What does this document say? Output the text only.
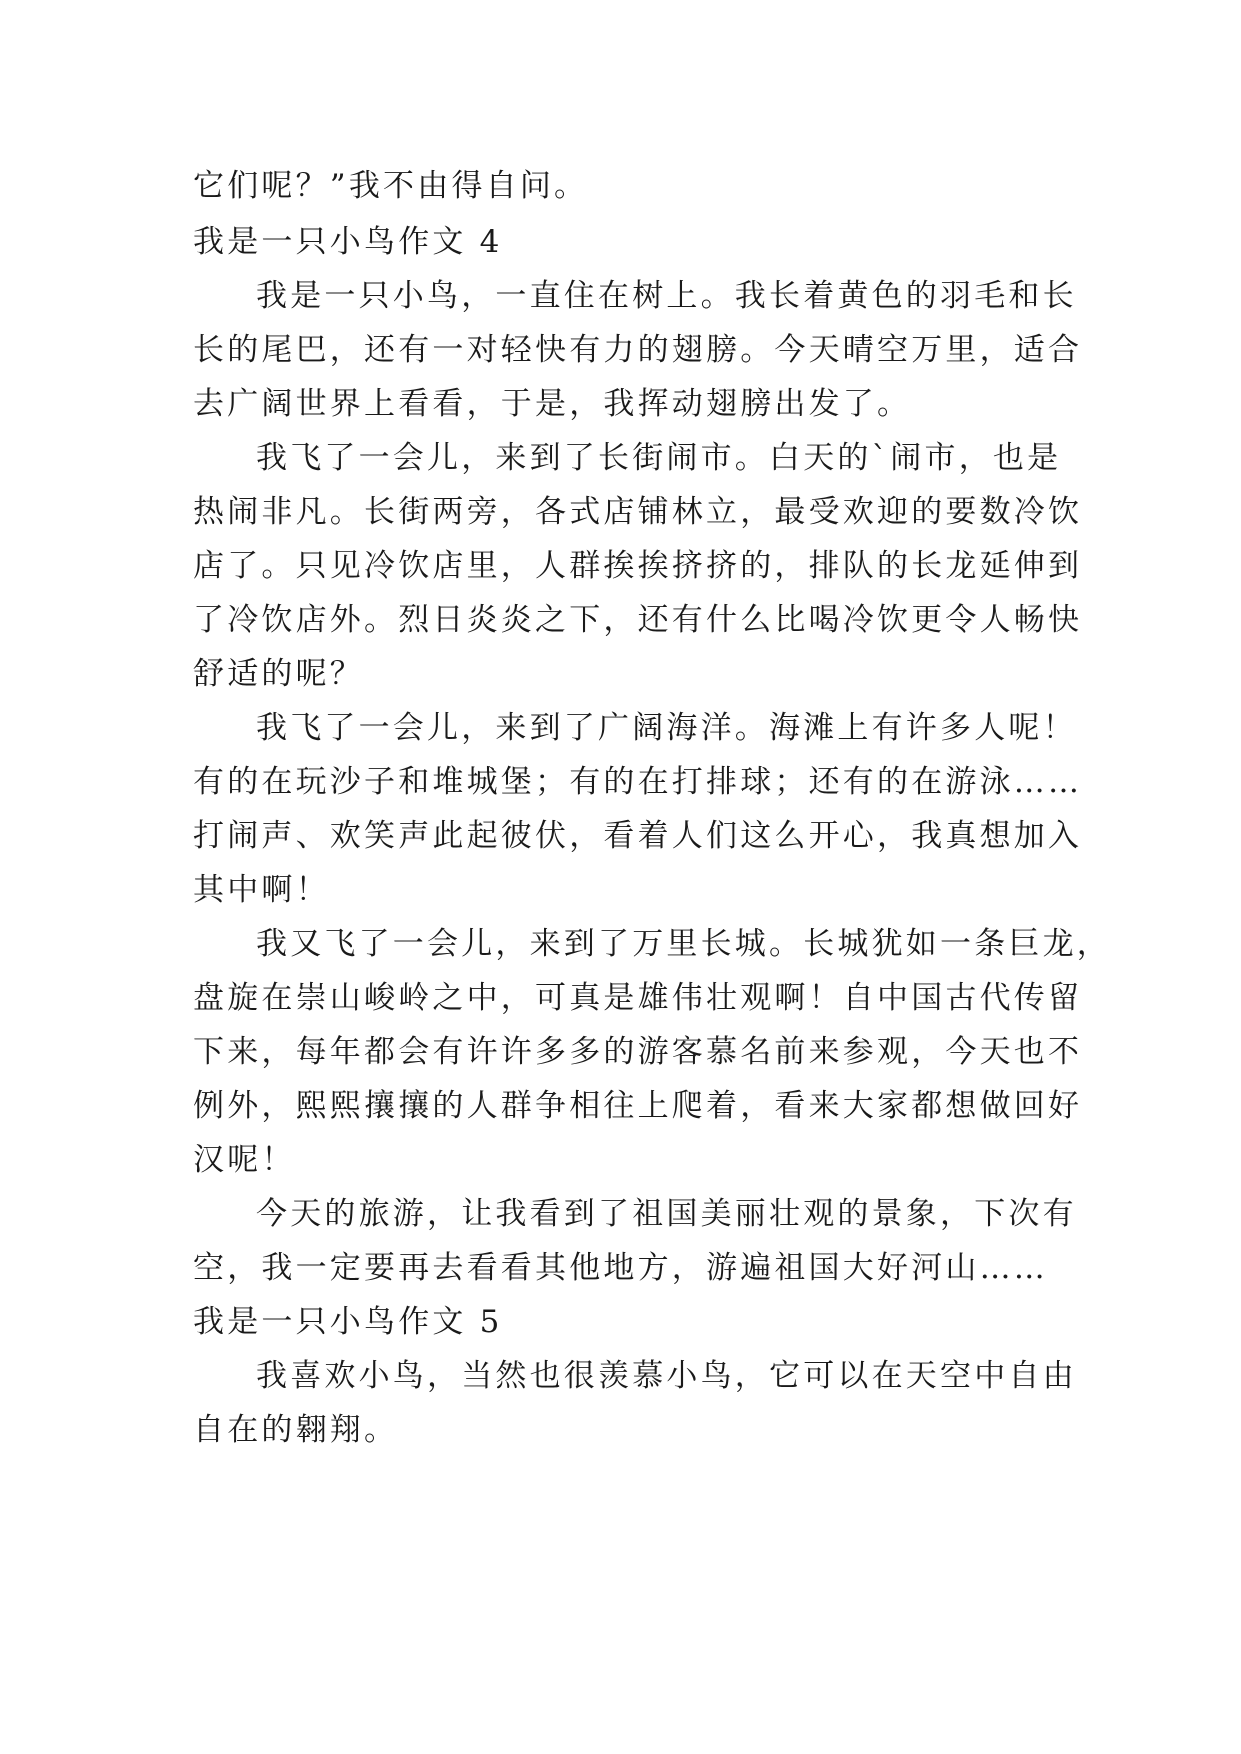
它们呢？”我不由得自问。
我是一只小鸟作文 4
我是一只小鸟，一直住在树上。我长着黄色的羽毛和长
长的尾巴，还有一对轻快有力的翅膀。今天晴空万里，适合
去广阔世界上看看，于是，我挥动翅膀出发了。
我飞了一会儿，来到了长街闹市。白天的`闹市，也是
热闹非凡。长街两旁，各式店铺林立，最受欢迎的要数冷饮
店了。只见冷饮店里，人群挨挨挤挤的，排队的长龙延伸到
了冷饮店外。烈日炎炎之下，还有什么比喝冷饮更令人畅快
舒适的呢？
我飞了一会儿，来到了广阔海洋。海滩上有许多人呢！
有的在玩沙子和堆城堡；有的在打排球；还有的在游泳……
打闹声、欢笑声此起彼伏，看着人们这么开心，我真想加入
其中啊！
我又飞了一会儿，来到了万里长城。长城犹如一条巨龙，
盘旋在崇山峻岭之中，可真是雄伟壮观啊！自中国古代传留
下来，每年都会有许许多多的游客慕名前来参观，今天也不
例外，熙熙攘攘的人群争相往上爬着，看来大家都想做回好
汉呢！
今天的旅游，让我看到了祖国美丽壮观的景象，下次有
空，我一定要再去看看其他地方，游遍祖国大好河山……
我是一只小鸟作文 5
我喜欢小鸟，当然也很羡慕小鸟，它可以在天空中自由
自在的翱翔。
